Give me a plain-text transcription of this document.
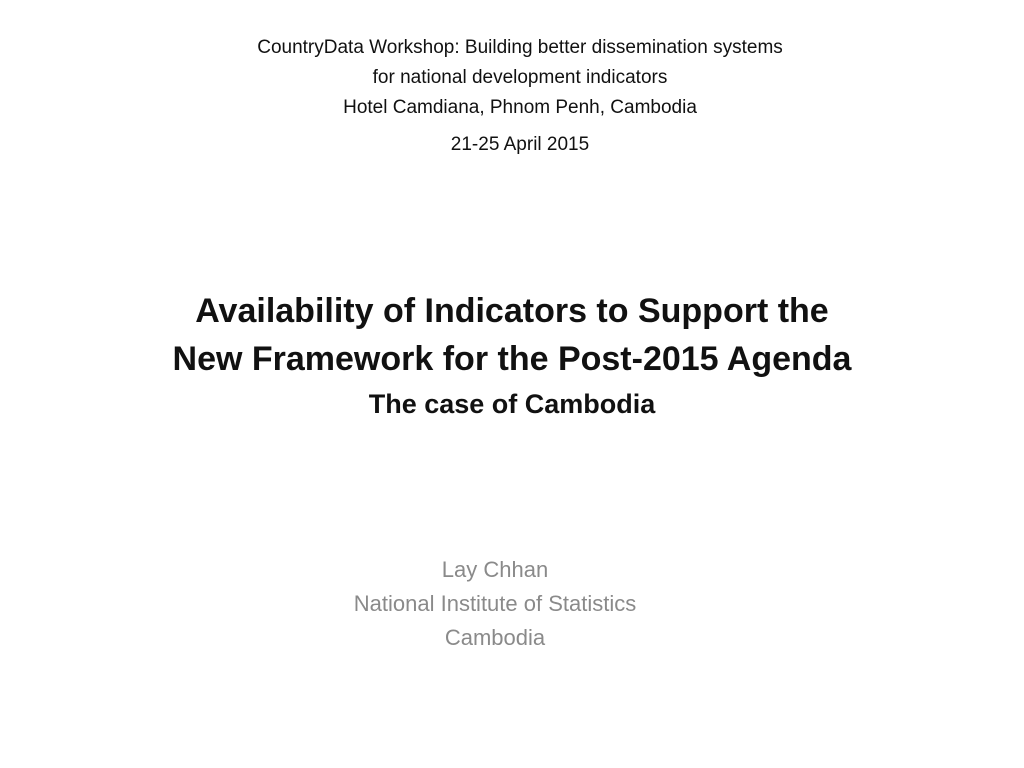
CountryData Workshop: Building better dissemination systems
for national development indicators
Hotel Camdiana, Phnom Penh, Cambodia
21-25 April 2015
Availability of Indicators to Support the
New Framework for the Post-2015 Agenda
The case of Cambodia
Lay Chhan
National Institute of Statistics
Cambodia
